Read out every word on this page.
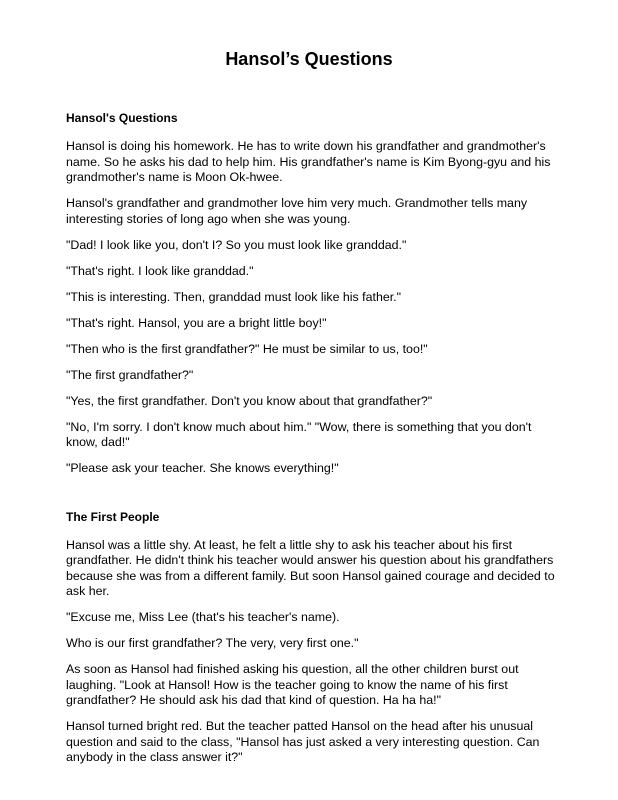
Hansol’s Questions
Hansol's Questions

Hansol is doing his homework. He has to write down his grandfather and grandmother's name. So he asks his dad to help him. His grandfather's name is Kim Byong-gyu and his grandmother's name is Moon Ok-hwee.

Hansol's grandfather and grandmother love him very much. Grandmother tells many interesting stories of long ago when she was young.

"Dad! I look like you, don't I? So you must look like granddad."

"That's right. I look like granddad."

"This is interesting. Then, granddad must look like his father."

"That's right. Hansol, you are a bright little boy!"

"Then who is the first grandfather?" He must be similar to us, too!"

"The first grandfather?"

"Yes, the first grandfather. Don't you know about that grandfather?"

"No, I'm sorry. I don't know much about him." "Wow, there is something that you don't know, dad!"

"Please ask your teacher. She knows everything!"

The First People

Hansol was a little shy. At least, he felt a little shy to ask his teacher about his first grandfather. He didn't think his teacher would answer his question about his grandfathers because she was from a different family. But soon Hansol gained courage and decided to ask her.

"Excuse me, Miss Lee (that's his teacher's name).

Who is our first grandfather? The very, very first one."

As soon as Hansol had finished asking his question, all the other children burst out laughing. "Look at Hansol! How is the teacher going to know the name of his first grandfather? He should ask his dad that kind of question. Ha ha ha!"

Hansol turned bright red. But the teacher patted Hansol on the head after his unusual question and said to the class, "Hansol has just asked a very interesting question. Can anybody in the class answer it?"
